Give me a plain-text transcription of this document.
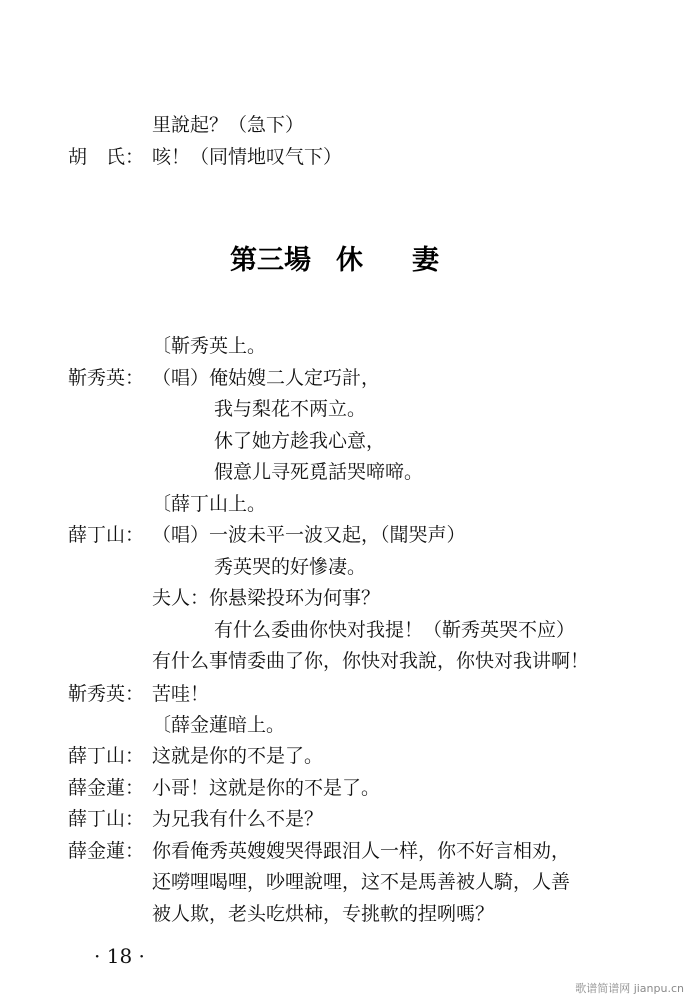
里說起？（急下）
胡　氏： 咳！（同情地叹气下）
第三場 休 妻
〔靳秀英上。
靳秀英： （唱）俺姑嫂二人定巧計，
我与梨花不两立。
休了她方趁我心意，
假意儿寻死覓話哭啼啼。
〔薛丁山上。
薛丁山： （唱）一波未平一波又起，（聞哭声）
秀英哭的好慘凄。
夫人：你悬梁投环为何事？
有什么委曲你快对我提！（靳秀英哭不应）
有什么事情委曲了你，你快对我說，你快对我讲啊！
靳秀英： 苦哇！
〔薛金蓮暗上。
薛丁山： 这就是你的不是了。
薛金蓮： 小哥！这就是你的不是了。
薛丁山： 为兄我有什么不是？
薛金蓮： 你看俺秀英嫂嫂哭得跟泪人一样，你不好言相劝，
还嘮哩喝哩，吵哩說哩，这不是馬善被人騎，人善
被人欺，老头吃烘柿，专挑軟的捏咧嗎？
· 18 ·
歌谱简谱网 jianpu.cn
